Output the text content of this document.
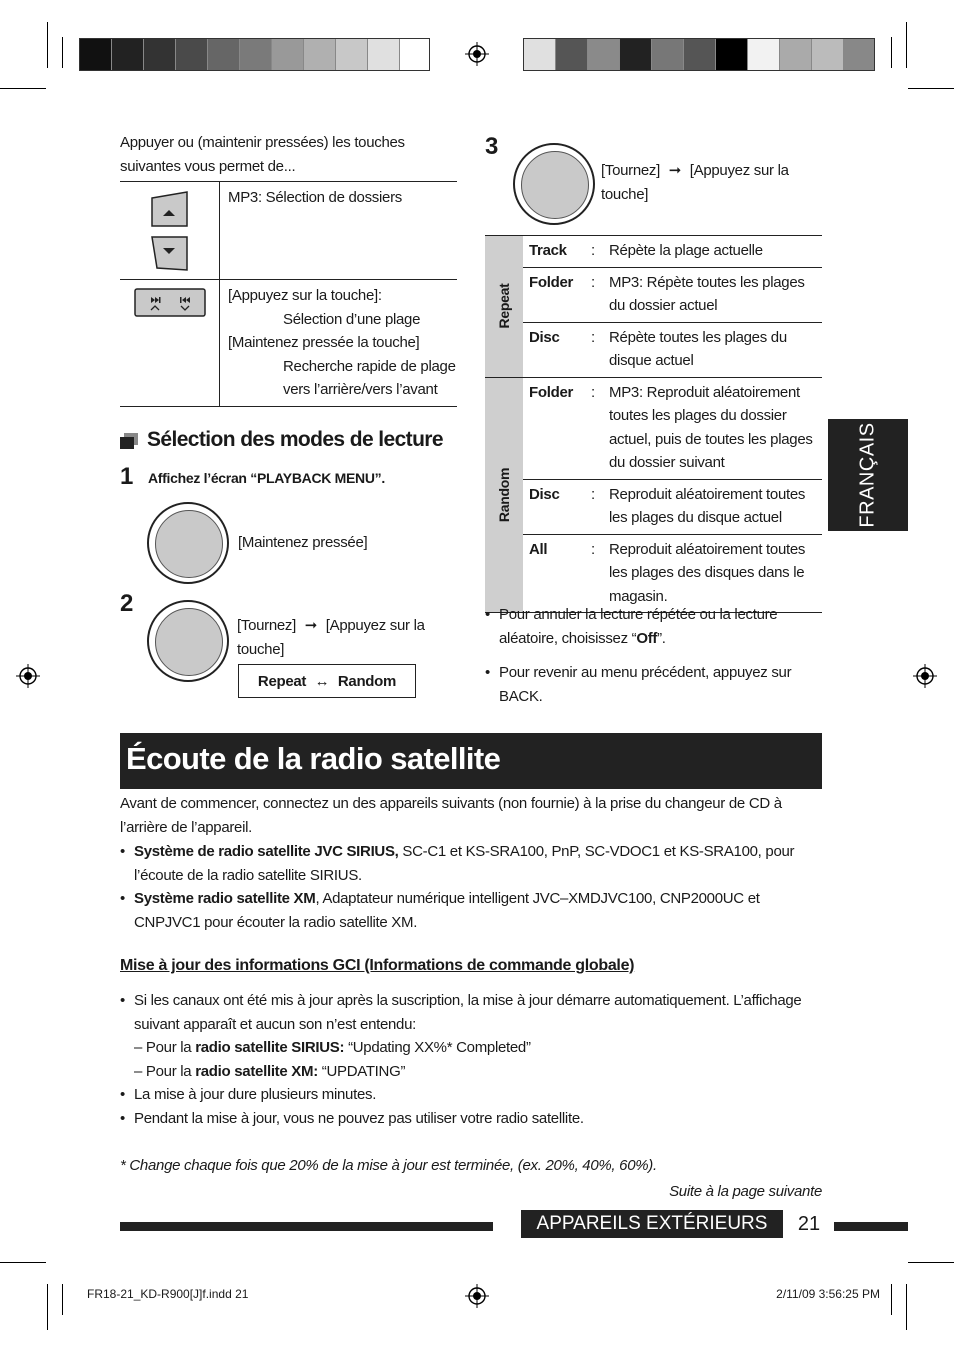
Appuyer ou (maintenir pressées) les touches suivantes vous permet de...
MP3: Sélection de dossiers
[Appuyez sur la touche]:
Sélection d’une plage
[Maintenez pressée la touche]
Recherche rapide de plage vers l’arrière/vers l’avant
Sélection des modes de lecture
1 Affichez l’écran “PLAYBACK MENU”.
[Maintenez pressée]
2
[Tournez] ➞ [Appuyez sur la touche]
Repeat ↔ Random
3
[Tournez] ➞ [Appuyez sur la touche]
Repeat
Track	: Répète la plage actuelle
Folder	: MP3: Répète toutes les plages du dossier actuel
Disc	: Répète toutes les plages du disque actuel
Random
Folder	: MP3: Reproduit aléatoirement toutes les plages du dossier actuel, puis de toutes les plages du dossier suivant
Disc	: Reproduit aléatoirement toutes les plages du disque actuel
All	: Reproduit aléatoirement toutes les plages des disques dans le magasin.
• Pour annuler la lecture répétée ou la lecture aléatoire, choisissez “Off”.
• Pour revenir au menu précédent, appuyez sur BACK.
FRANÇAIS
Écoute de la radio satellite
Avant de commencer, connectez un des appareils suivants (non fournie) à la prise du changeur de CD à l’arrière de l’appareil.
• Système de radio satellite JVC SIRIUS, SC-C1 et KS-SRA100, PnP, SC-VDOC1 et KS-SRA100, pour l’écoute de la radio satellite SIRIUS.
• Système radio satellite XM, Adaptateur numérique intelligent JVC–XMDJVC100, CNP2000UC et CNPJVC1 pour écouter la radio satellite XM.
Mise à jour des informations GCI (Informations de commande globale)
• Si les canaux ont été mis à jour après la suscription, la mise à jour démarre automatiquement. L’affichage suivant apparaît et aucun son n’est entendu:
– Pour la radio satellite SIRIUS: “Updating XX%* Completed”
– Pour la radio satellite XM: “UPDATING”
• La mise à jour dure plusieurs minutes.
• Pendant la mise à jour, vous ne pouvez pas utiliser votre radio satellite.
* Change chaque fois que 20% de la mise à jour est terminée, (ex. 20%, 40%, 60%).
Suite à la page suivante
APPAREILS EXTÉRIEURS	21
FR18-21_KD-R900[J]f.indd 21	2/11/09 3:56:25 PM
